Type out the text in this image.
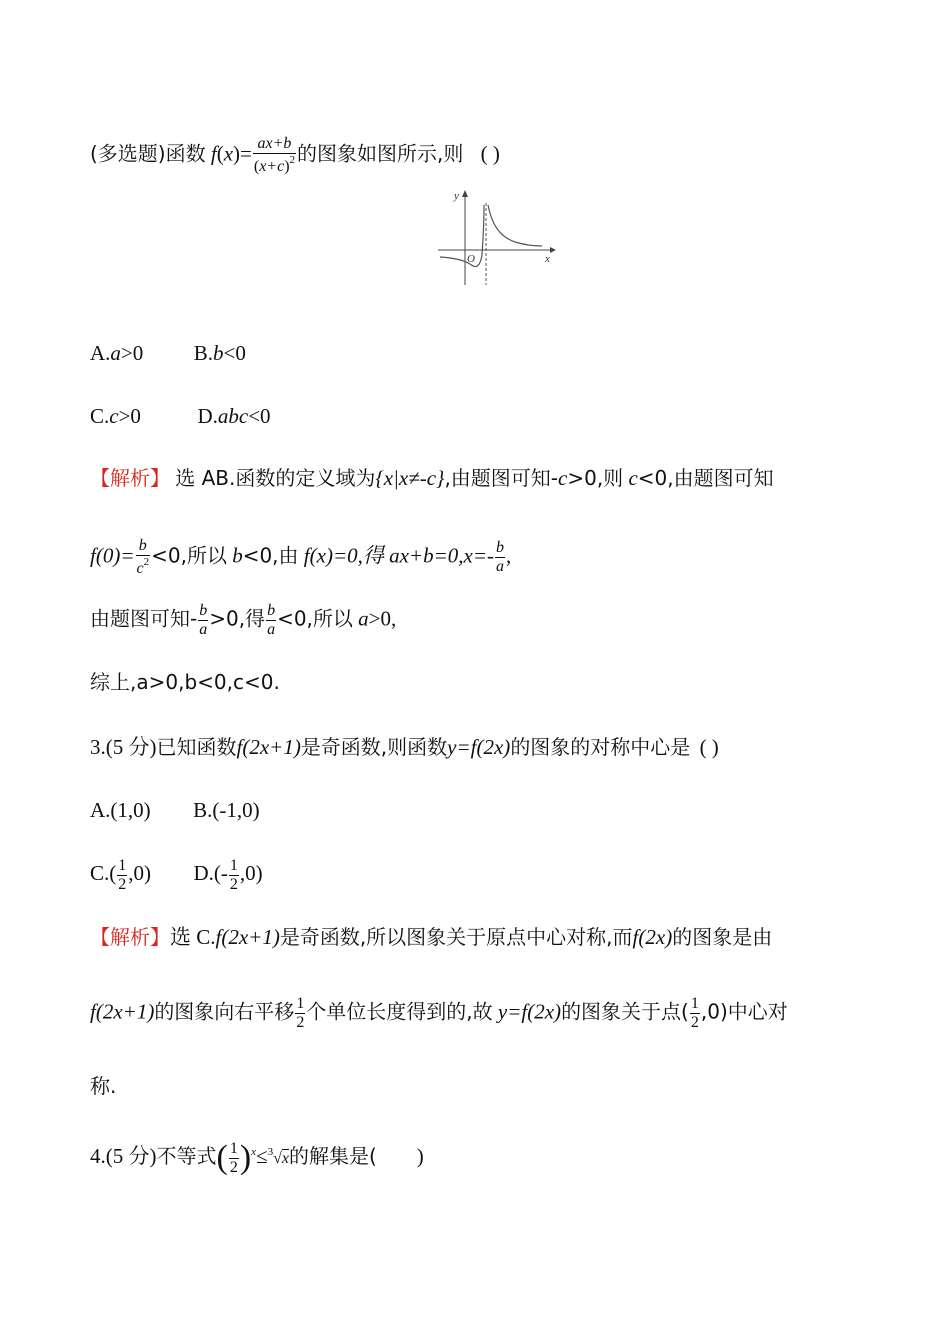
(多选题)函数 $f(x)= \frac{ax+b}{(x+c)^2}$ 的图象如图所示,则 ( )
y
x
O
A.a>0 B.b<0
C.c>0	D.abc<0
【解析】 选 AB.函数的定义域为{x|x≠-c},由题图可知-c>0,则 c<0,由题图可知
$f(0)= \frac{b}{c^2} <0$,所以 b<0,由 f(x)=0,得 $ax+b=0,x=- \frac{b}{a}$ ,
由题图可知- $\frac{b}{a} >0$,得 $\frac{b}{a} <0$,所以 a>0,
综上,a>0,b<0,c<0.
3.(5 分)已知函数f(2x+1)是奇函数,则函数y=f(2x)的图象的对称中心是 ( )
A.(1,0) B.(-1,0)
$C.( \frac{1}{2} ,0)$ $D.(- \frac{1}{2} ,0)$
【解析】选 C.f(2x+1)是奇函数,所以图象关于原点中心对称,而f(2x)的图象是由
f(2x+1)的图象向右平移 $\frac{1}{2}$ 个单位长度得到的,故 y=f(2x)的图象关于点( $\frac{1}{2} ,0$)中心对
称.
4.(5 分)不等式( $\frac{1}{2} )^x\le^3√x$的解集是( )
